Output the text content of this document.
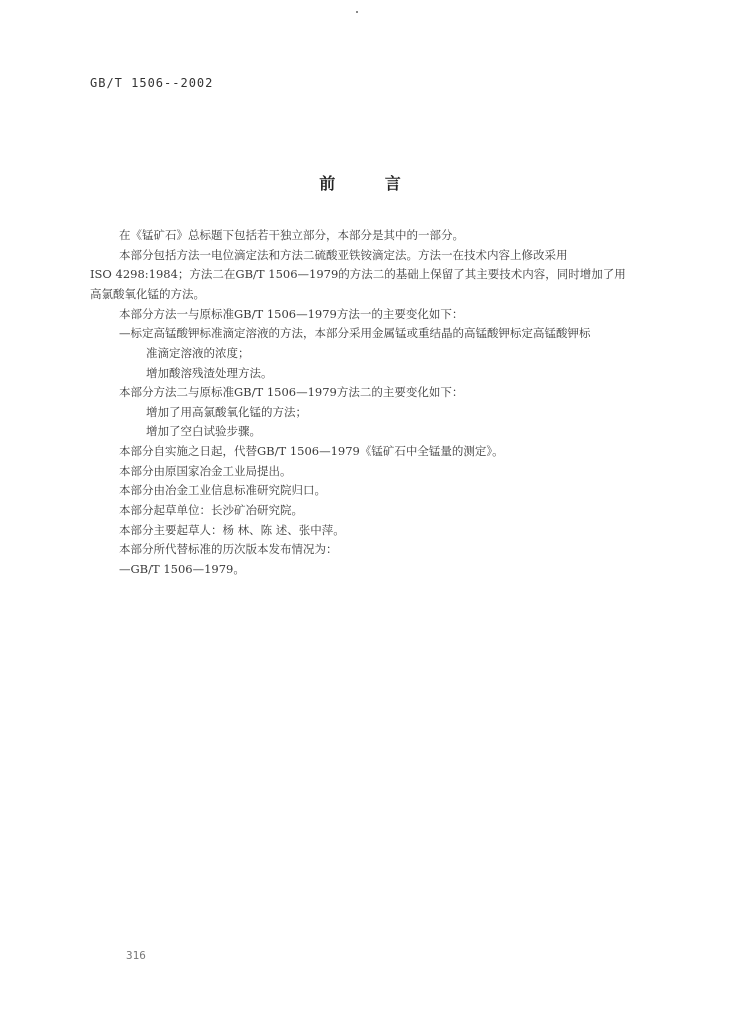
GB/T 1506--2002
前 言
在《锰矿石》总标题下包括若干独立部分，本部分是其中的一部分。
本部分包括方法一电位滴定法和方法二硫酸亚铁铵滴定法。方法一在技术内容上修改采用
ISO 4298:1984；方法二在GB/T 1506—1979的方法二的基础上保留了其主要技术内容，同时增加了用
高氯酸氧化锰的方法。
本部分方法一与原标准GB/T 1506—1979方法一的主要变化如下：
—标定高锰酸钾标准滴定溶液的方法，本部分采用金属锰或重结晶的高锰酸钾标定高锰酸钾标
准滴定溶液的浓度；
增加酸溶残渣处理方法。
本部分方法二与原标准GB/T 1506—1979方法二的主要变化如下：
增加了用高氯酸氧化锰的方法；
增加了空白试验步骤。
本部分自实施之日起，代替GB/T 1506—1979《锰矿石中全锰量的测定》。
本部分由原国家冶金工业局提出。
本部分由冶金工业信息标准研究院归口。
本部分起草单位：长沙矿冶研究院。
本部分主要起草人：杨 林、陈 述、张中萍。
本部分所代替标准的历次版本发布情况为：
—GB/T 1506—1979。
316
